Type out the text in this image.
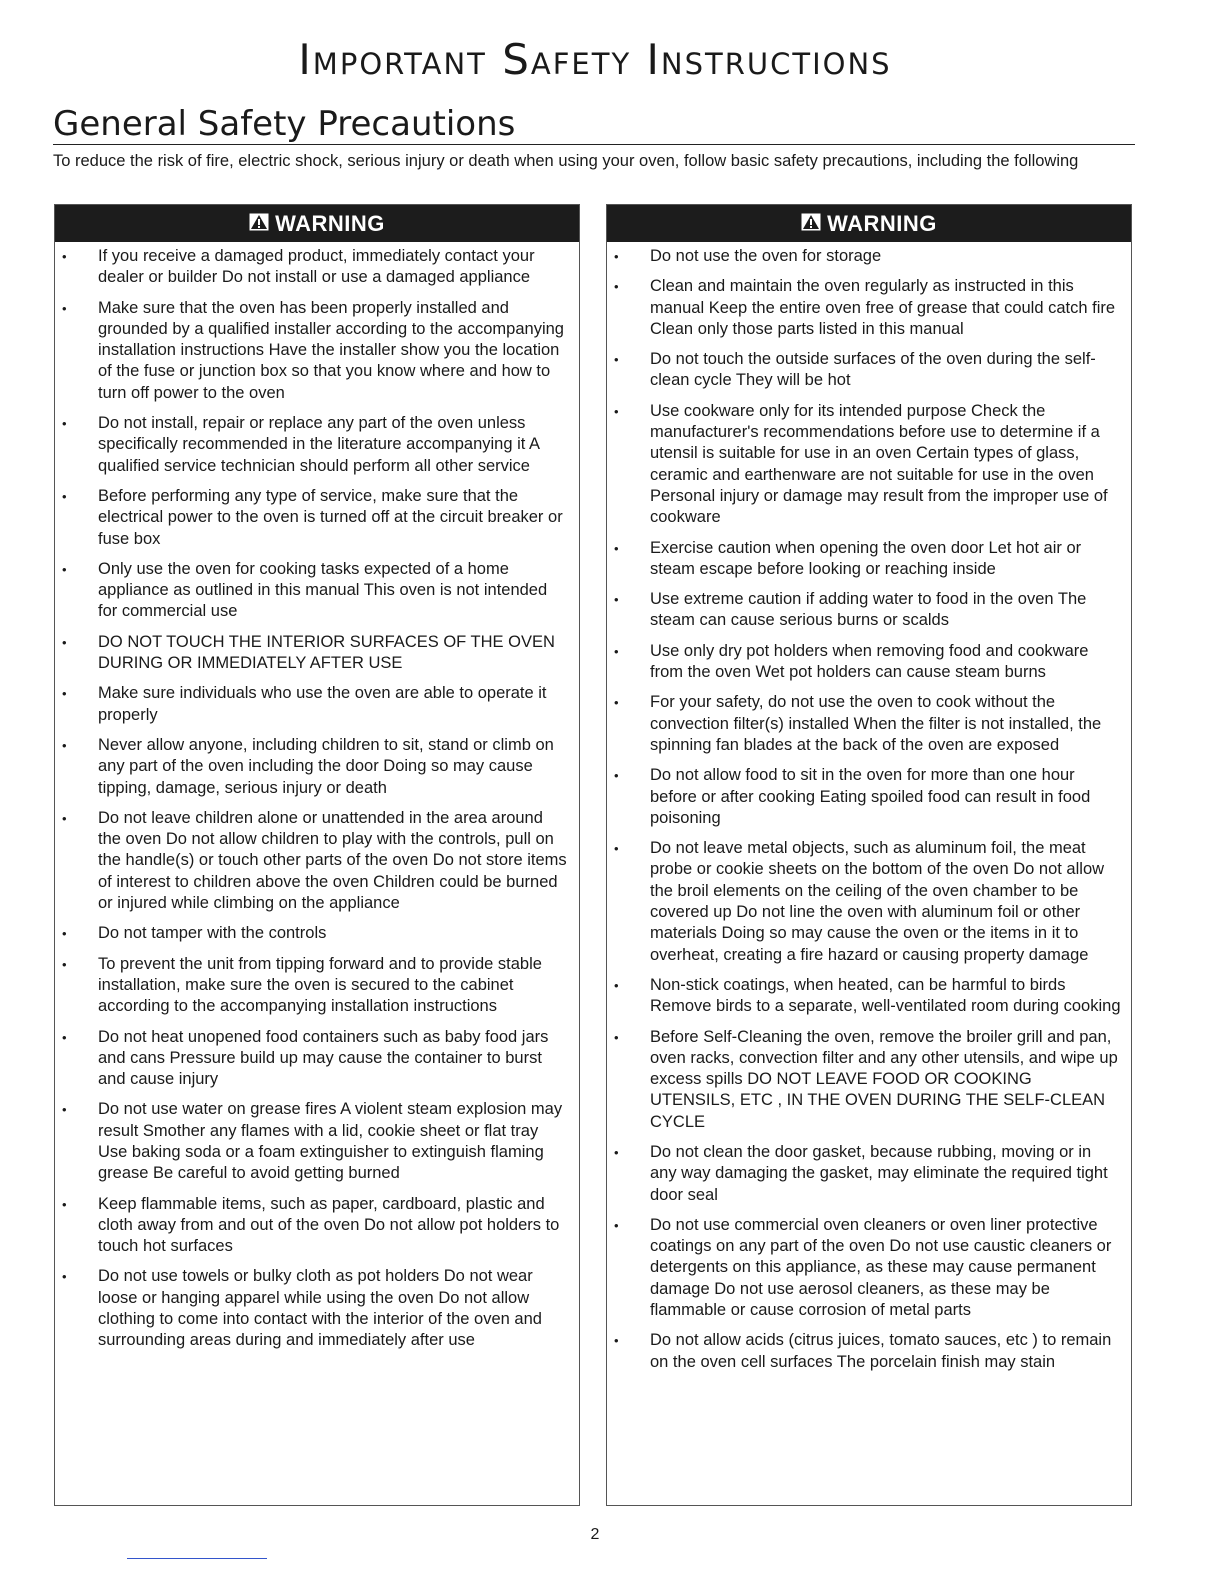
Important Safety Instructions
General Safety Precautions

To reduce the risk of fire, electric shock, serious injury or death when using your oven, follow basic safety precautions, including the following

WARNING
• If you receive a damaged product, immediately contact your dealer or builder Do not install or use a damaged appliance
• Make sure that the oven has been properly installed and grounded by a qualified installer according to the accompanying installation instructions Have the installer show you the location of the fuse or junction box so that you know where and how to turn off power to the oven
• Do not install, repair or replace any part of the oven unless specifically recommended in the literature accompanying it A qualified service technician should perform all other service
• Before performing any type of service, make sure that the electrical power to the oven is turned off at the circuit breaker or fuse box
• Only use the oven for cooking tasks expected of a home appliance as outlined in this manual This oven is not intended for commercial use
• DO NOT TOUCH THE INTERIOR SURFACES OF THE OVEN DURING OR IMMEDIATELY AFTER USE
• Make sure individuals who use the oven are able to operate it properly
• Never allow anyone, including children to sit, stand or climb on any part of the oven including the door Doing so may cause tipping, damage, serious injury or death
• Do not leave children alone or unattended in the area around the oven Do not allow children to play with the controls, pull on the handle(s) or touch other parts of the oven Do not store items of interest to children above the oven Children could be burned or injured while climbing on the appliance
• Do not tamper with the controls
• To prevent the unit from tipping forward and to provide stable installation, make sure the oven is secured to the cabinet according to the accompanying installation instructions
• Do not heat unopened food containers such as baby food jars and cans Pressure build up may cause the container to burst and cause injury
• Do not use water on grease fires A violent steam explosion may result Smother any flames with a lid, cookie sheet or flat tray Use baking soda or a foam extinguisher to extinguish flaming grease Be careful to avoid getting burned
• Keep flammable items, such as paper, cardboard, plastic and cloth away from and out of the oven Do not allow pot holders to touch hot surfaces
• Do not use towels or bulky cloth as pot holders Do not wear loose or hanging apparel while using the oven Do not allow clothing to come into contact with the interior of the oven and surrounding areas during and immediately after use
WARNING
• Do not use the oven for storage
• Clean and maintain the oven regularly as instructed in this manual Keep the entire oven free of grease that could catch fire Clean only those parts listed in this manual
• Do not touch the outside surfaces of the oven during the self-clean cycle They will be hot
• Use cookware only for its intended purpose Check the manufacturer's recommendations before use to determine if a utensil is suitable for use in an oven Certain types of glass, ceramic and earthenware are not suitable for use in the oven Personal injury or damage may result from the improper use of cookware
• Exercise caution when opening the oven door Let hot air or steam escape before looking or reaching inside
• Use extreme caution if adding water to food in the oven The steam can cause serious burns or scalds
• Use only dry pot holders when removing food and cookware from the oven Wet pot holders can cause steam burns
• For your safety, do not use the oven to cook without the convection filter(s) installed When the filter is not installed, the spinning fan blades at the back of the oven are exposed
• Do not allow food to sit in the oven for more than one hour before or after cooking Eating spoiled food can result in food poisoning
• Do not leave metal objects, such as aluminum foil, the meat probe or cookie sheets on the bottom of the oven Do not allow the broil elements on the ceiling of the oven chamber to be covered up Do not line the oven with aluminum foil or other materials Doing so may cause the oven or the items in it to overheat, creating a fire hazard or causing property damage
• Non-stick coatings, when heated, can be harmful to birds Remove birds to a separate, well-ventilated room during cooking
• Before Self-Cleaning the oven, remove the broiler grill and pan, oven racks, convection filter and any other utensils, and wipe up excess spills DO NOT LEAVE FOOD OR COOKING UTENSILS, ETC , IN THE OVEN DURING THE SELF-CLEAN CYCLE
• Do not clean the door gasket, because rubbing, moving or in any way damaging the gasket, may eliminate the required tight door seal
• Do not use commercial oven cleaners or oven liner protective coatings on any part of the oven Do not use caustic cleaners or detergents on this appliance, as these may cause permanent damage Do not use aerosol cleaners, as these may be flammable or cause corrosion of metal parts
• Do not allow acids (citrus juices, tomato sauces, etc ) to remain on the oven cell surfaces The porcelain finish may stain
2
